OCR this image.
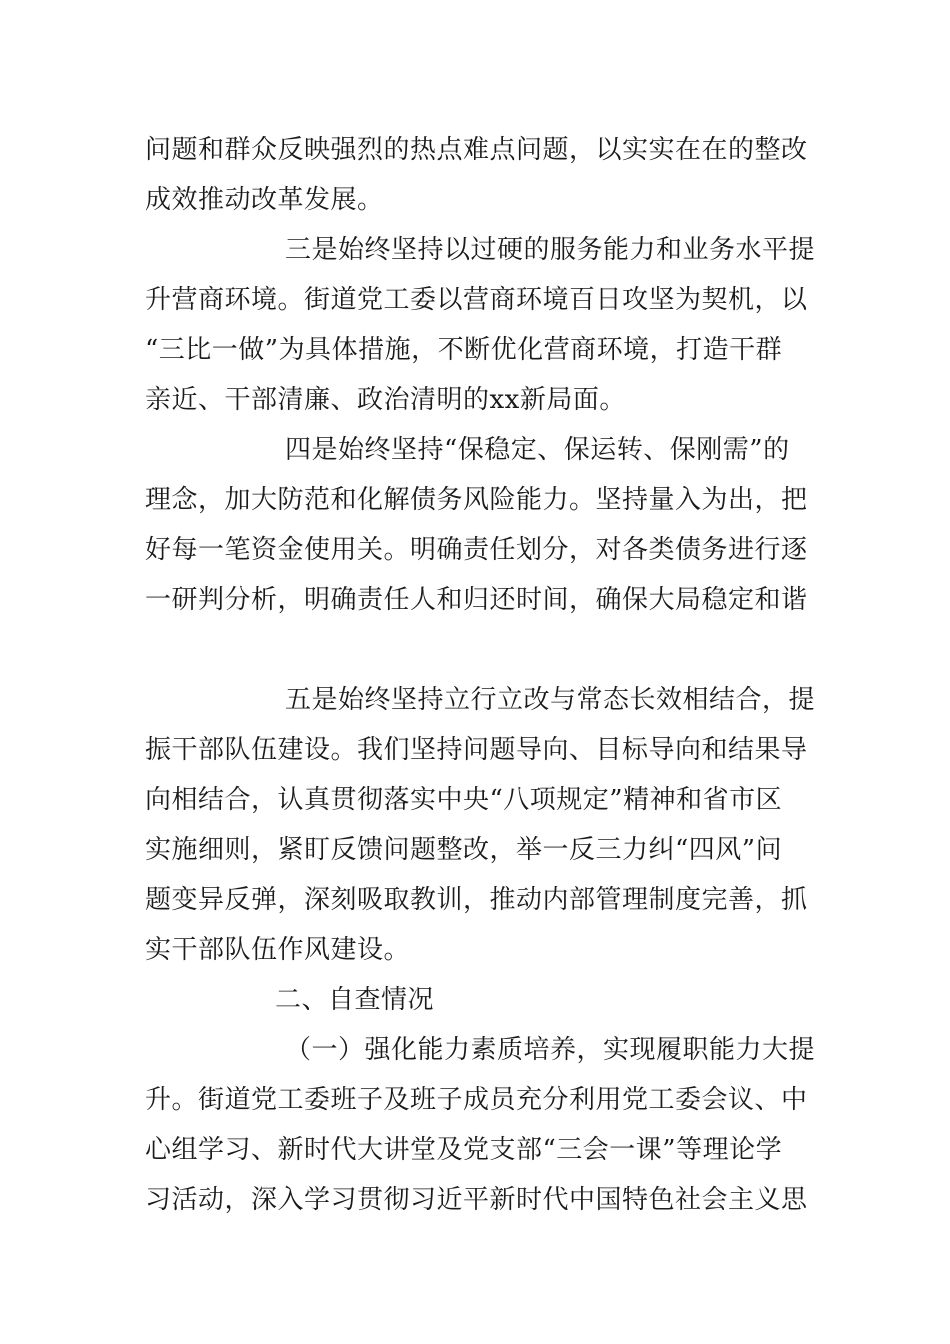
问题和群众反映强烈的热点难点问题，以实实在在的整改
成效推动改革发展。
三是始终坚持以过硬的服务能力和业务水平提
升营商环境。街道党工委以营商环境百日攻坚为契机，以
“三比一做”为具体措施，不断优化营商环境，打造干群
亲近、干部清廉、政治清明的xx新局面。
四是始终坚持“保稳定、保运转、保刚需”的
理念，加大防范和化解债务风险能力。坚持量入为出，把
好每一笔资金使用关。明确责任划分，对各类债务进行逐
一研判分析，明确责任人和归还时间，确保大局稳定和谐
五是始终坚持立行立改与常态长效相结合，提
振干部队伍建设。我们坚持问题导向、目标导向和结果导
向相结合，认真贯彻落实中央“八项规定”精神和省市区
实施细则，紧盯反馈问题整改，举一反三力纠“四风”问
题变异反弹，深刻吸取教训，推动内部管理制度完善，抓
实干部队伍作风建设。
二、自查情况
（一）强化能力素质培养，实现履职能力大提
升。街道党工委班子及班子成员充分利用党工委会议、中
心组学习、新时代大讲堂及党支部“三会一课”等理论学
习活动，深入学习贯彻习近平新时代中国特色社会主义思
